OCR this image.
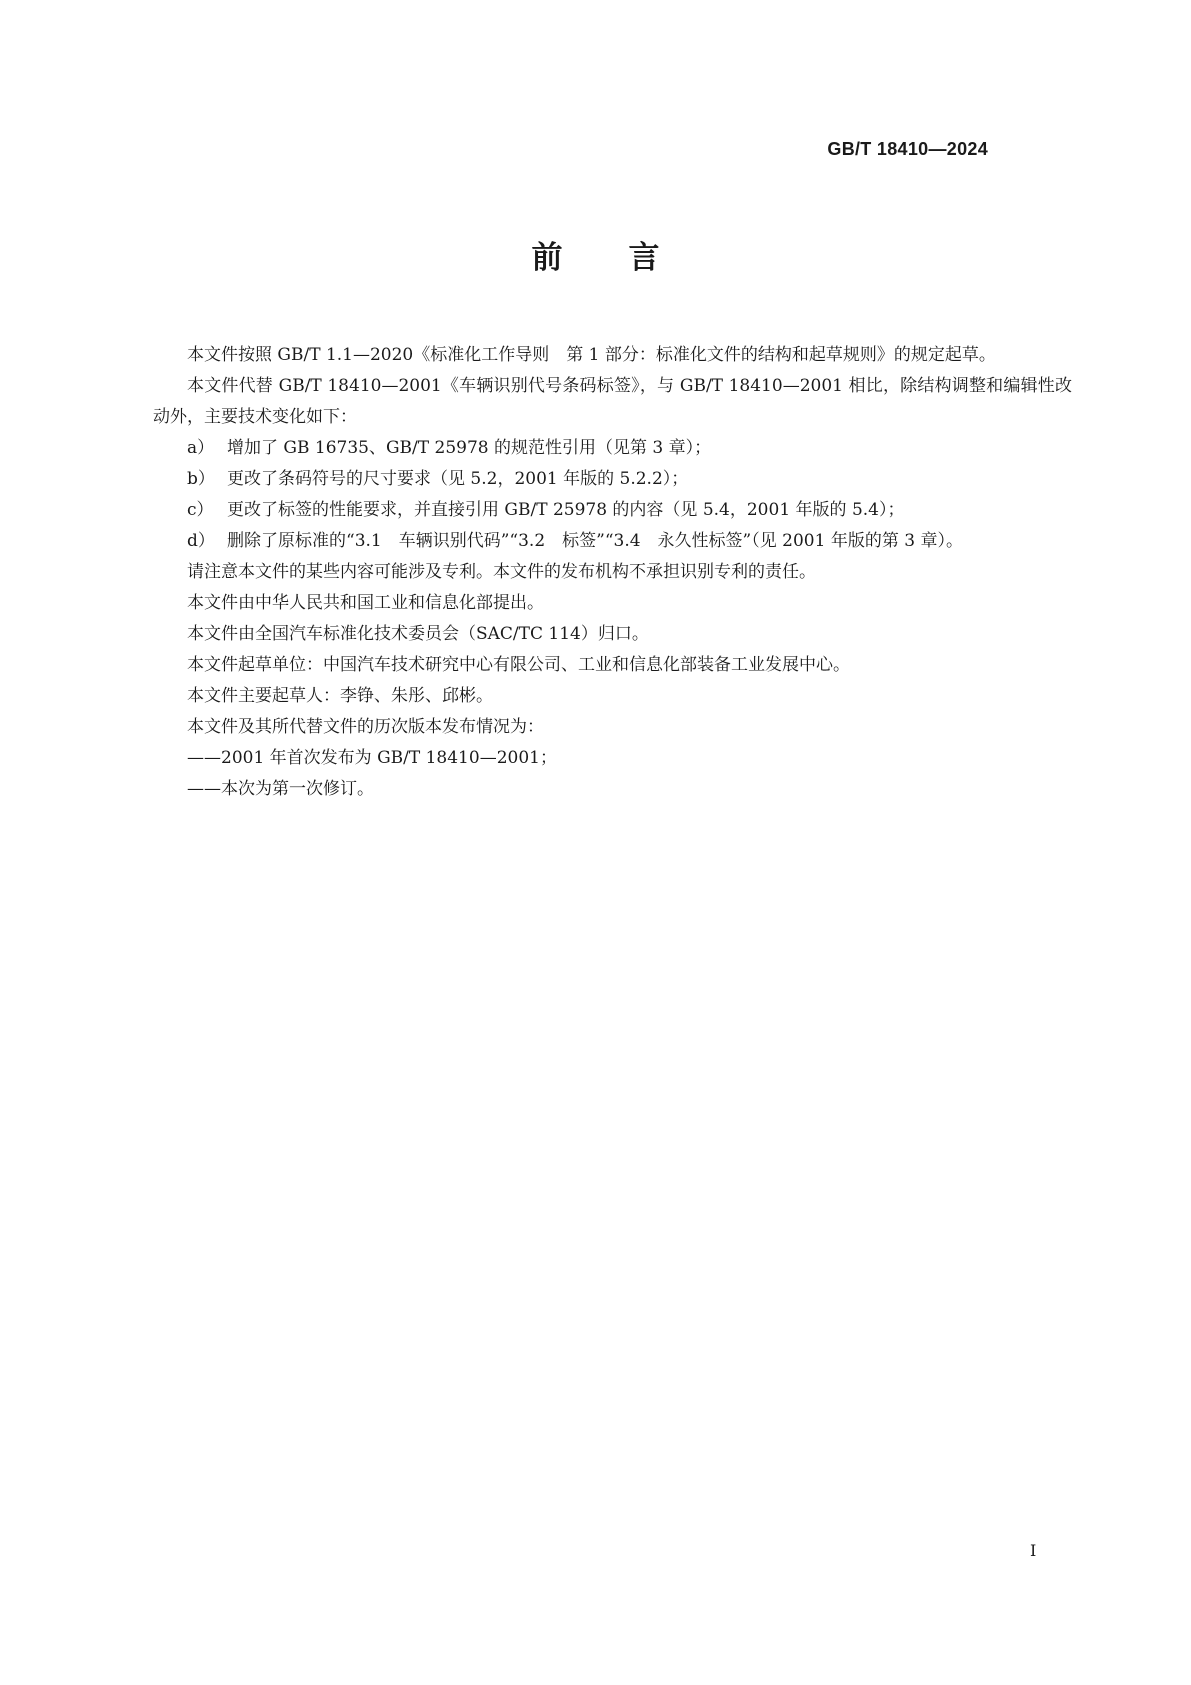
GB/T 18410—2024
前言

本文件按照 GB/T 1.1—2020《标准化工作导则　第 1 部分：标准化文件的结构和起草规则》的规定起草。

本文件代替 GB/T 18410—2001《车辆识别代号条码标签》，与 GB/T 18410—2001 相比，除结构调整和编辑性改动外，主要技术变化如下：

a） 增加了 GB 16735、GB/T 25978 的规范性引用（见第 3 章）；

b） 更改了条码符号的尺寸要求（见 5.2，2001 年版的 5.2.2）；

c） 更改了标签的性能要求，并直接引用 GB/T 25978 的内容（见 5.4，2001 年版的 5.4）；

d） 删除了原标准的“3.1　车辆识别代码”“3.2　标签”“3.4　永久性标签”（见 2001 年版的第 3 章）。

请注意本文件的某些内容可能涉及专利。本文件的发布机构不承担识别专利的责任。

本文件由中华人民共和国工业和信息化部提出。

本文件由全国汽车标准化技术委员会（SAC/TC 114）归口。

本文件起草单位：中国汽车技术研究中心有限公司、工业和信息化部装备工业发展中心。

本文件主要起草人：李铮、朱彤、邱彬。

本文件及其所代替文件的历次版本发布情况为：

——2001 年首次发布为 GB/T 18410—2001；

——本次为第一次修订。

I
